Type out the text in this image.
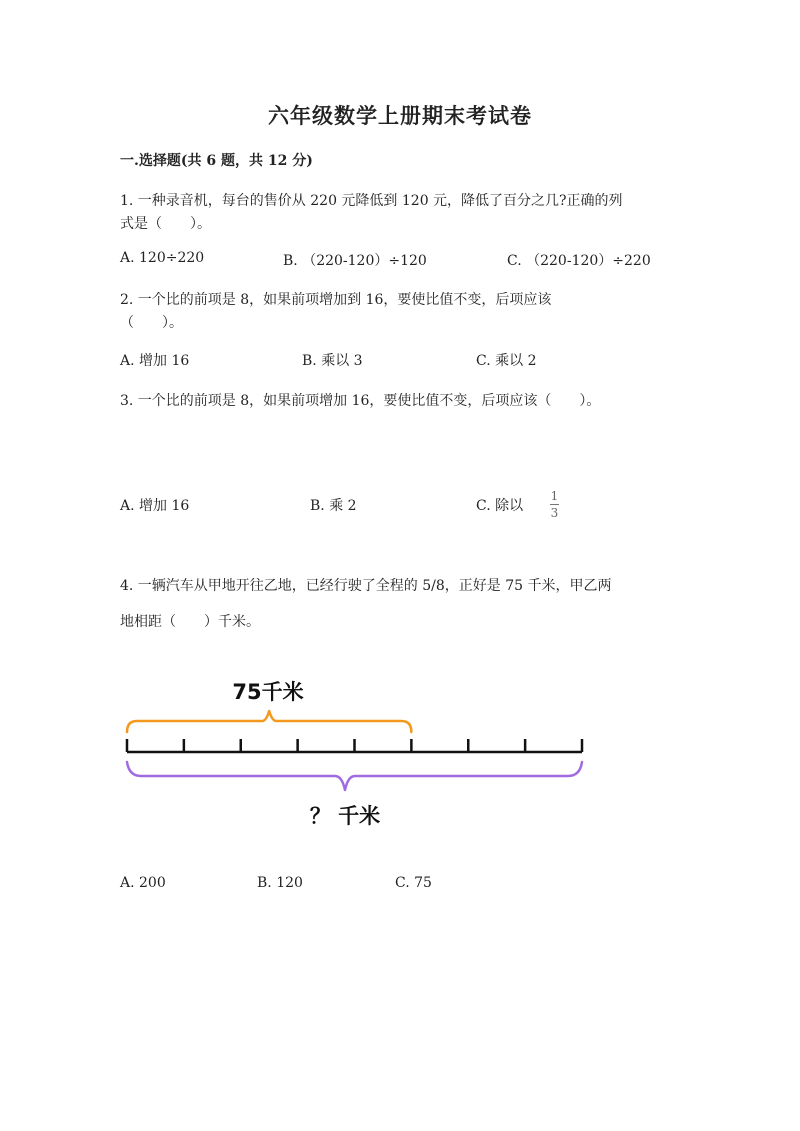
六年级数学上册期末考试卷
一.选择题(共 6 题，共 12 分)
1. 一种录音机，每台的售价从 220 元降低到 120 元，降低了百分之几?正确的列
式是（　　）。
A. 120÷220	B. （220-120）÷120	C. （220-120）÷220
2. 一个比的前项是 8，如果前项增加到 16，要使比值不变，后项应该
（　　）。
A. 增加 16	B. 乘以 3	C. 乘以 2
3. 一个比的前项是 8，如果前项增加 16，要使比值不变，后项应该（　　）。
A. 增加 16	B. 乘 2	C. 除以
1
3
4. 一辆汽车从甲地开往乙地，已经行驶了全程的 5/8，正好是 75 千米，甲乙两
地相距（　　）千米。
75千米
？ 千米
A. 200	B. 120	C. 75
